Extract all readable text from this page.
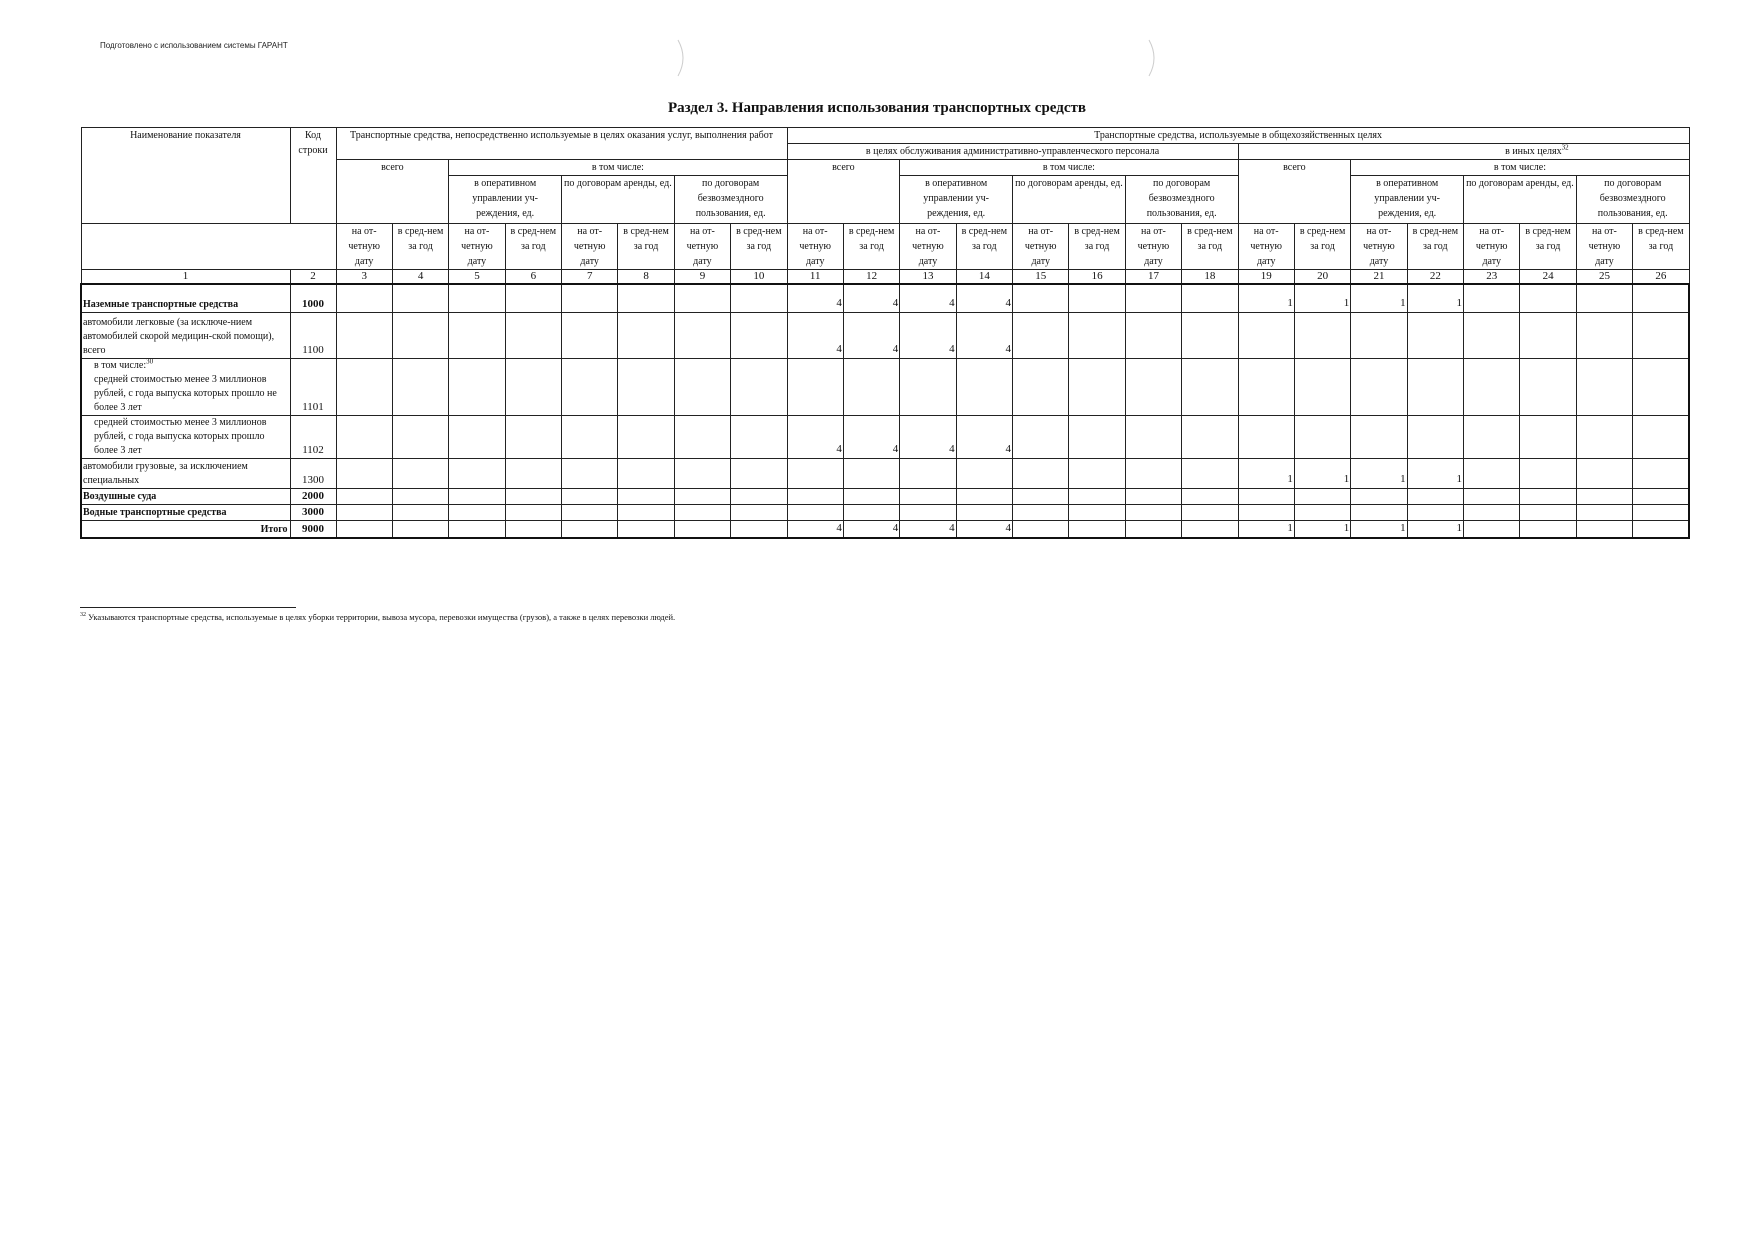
Подготовлено с использованием системы ГАРАНТ
Раздел 3. Направления использования транспортных средств
Наименование показателя	Код строки	Транспортные средства, непосредственно используемые в целях оказания услуг, выполнения работ								Транспортные средства, используемые в общехозяйственных целях															
										в целях обслуживания административно-управленческого персонала								в иных целях$^{32}$
		всего		в том числе:						всего		в том числе:						всего		в том числе:					
				в оперативном управлении уч-реждения, ед.		по договорам аренды, ед.		по договорам безвозмездного пользования, ед.				в оперативном управлении уч-реждения, ед.		по договорам аренды, ед.		по договорам безвозмездного пользования, ед.				в оперативном управлении уч-реждения, ед.		по договорам аренды, ед.		по договорам безвозмездного пользования, ед.	
		на от-четную дату	в сред-нем за год	на от-четную дату	в сред-нем за год	на от-четную дату	в сред-нем за год	на от-четную дату	в сред-нем за год	на от-четную дату	в сред-нем за год	на от-четную дату	в сред-нем за год	на от-четную дату	в сред-нем за год	на от-четную дату	в сред-нем за год	на от-четную дату	в сред-нем за год	на от-четную дату	в сред-нем за год	на от-четную дату	в сред-нем за год	на от-четную дату	в сред-нем за год
1	2	3	4	5	6	7	8	9	10	11	12	13	14	15	16	17	18	19	20	21	22	23	24	25	26
Наземные транспортные средства	1000									4	4	4	4					1	1	1	1				
автомобили легковые (за исключе-нием автомобилей скорой медицин-ской помощи), всего	1100									4	4	4	4												

в том числе:$^{30}$
средней стоимостью менее 3 миллионов рублей, с года выпуска которых прошло не более 3 лет	1101																								
средней стоимостью менее 3 миллионов рублей, с года выпуска которых прошло более 3 лет	1102									4	4	4	4												
автомобили грузовые, за исключением специальных	1300																	1	1	1	1				
Воздушные суда	2000																								
Водные транспортные средства	3000																								
Итого	9000									4	4	4	4					1	1	1	1				
$^{32}$ Указываются транспортные средства, используемые в целях уборки территории, вывоза мусора, перевозки имущества (грузов), а также в целях перевозки людей.
